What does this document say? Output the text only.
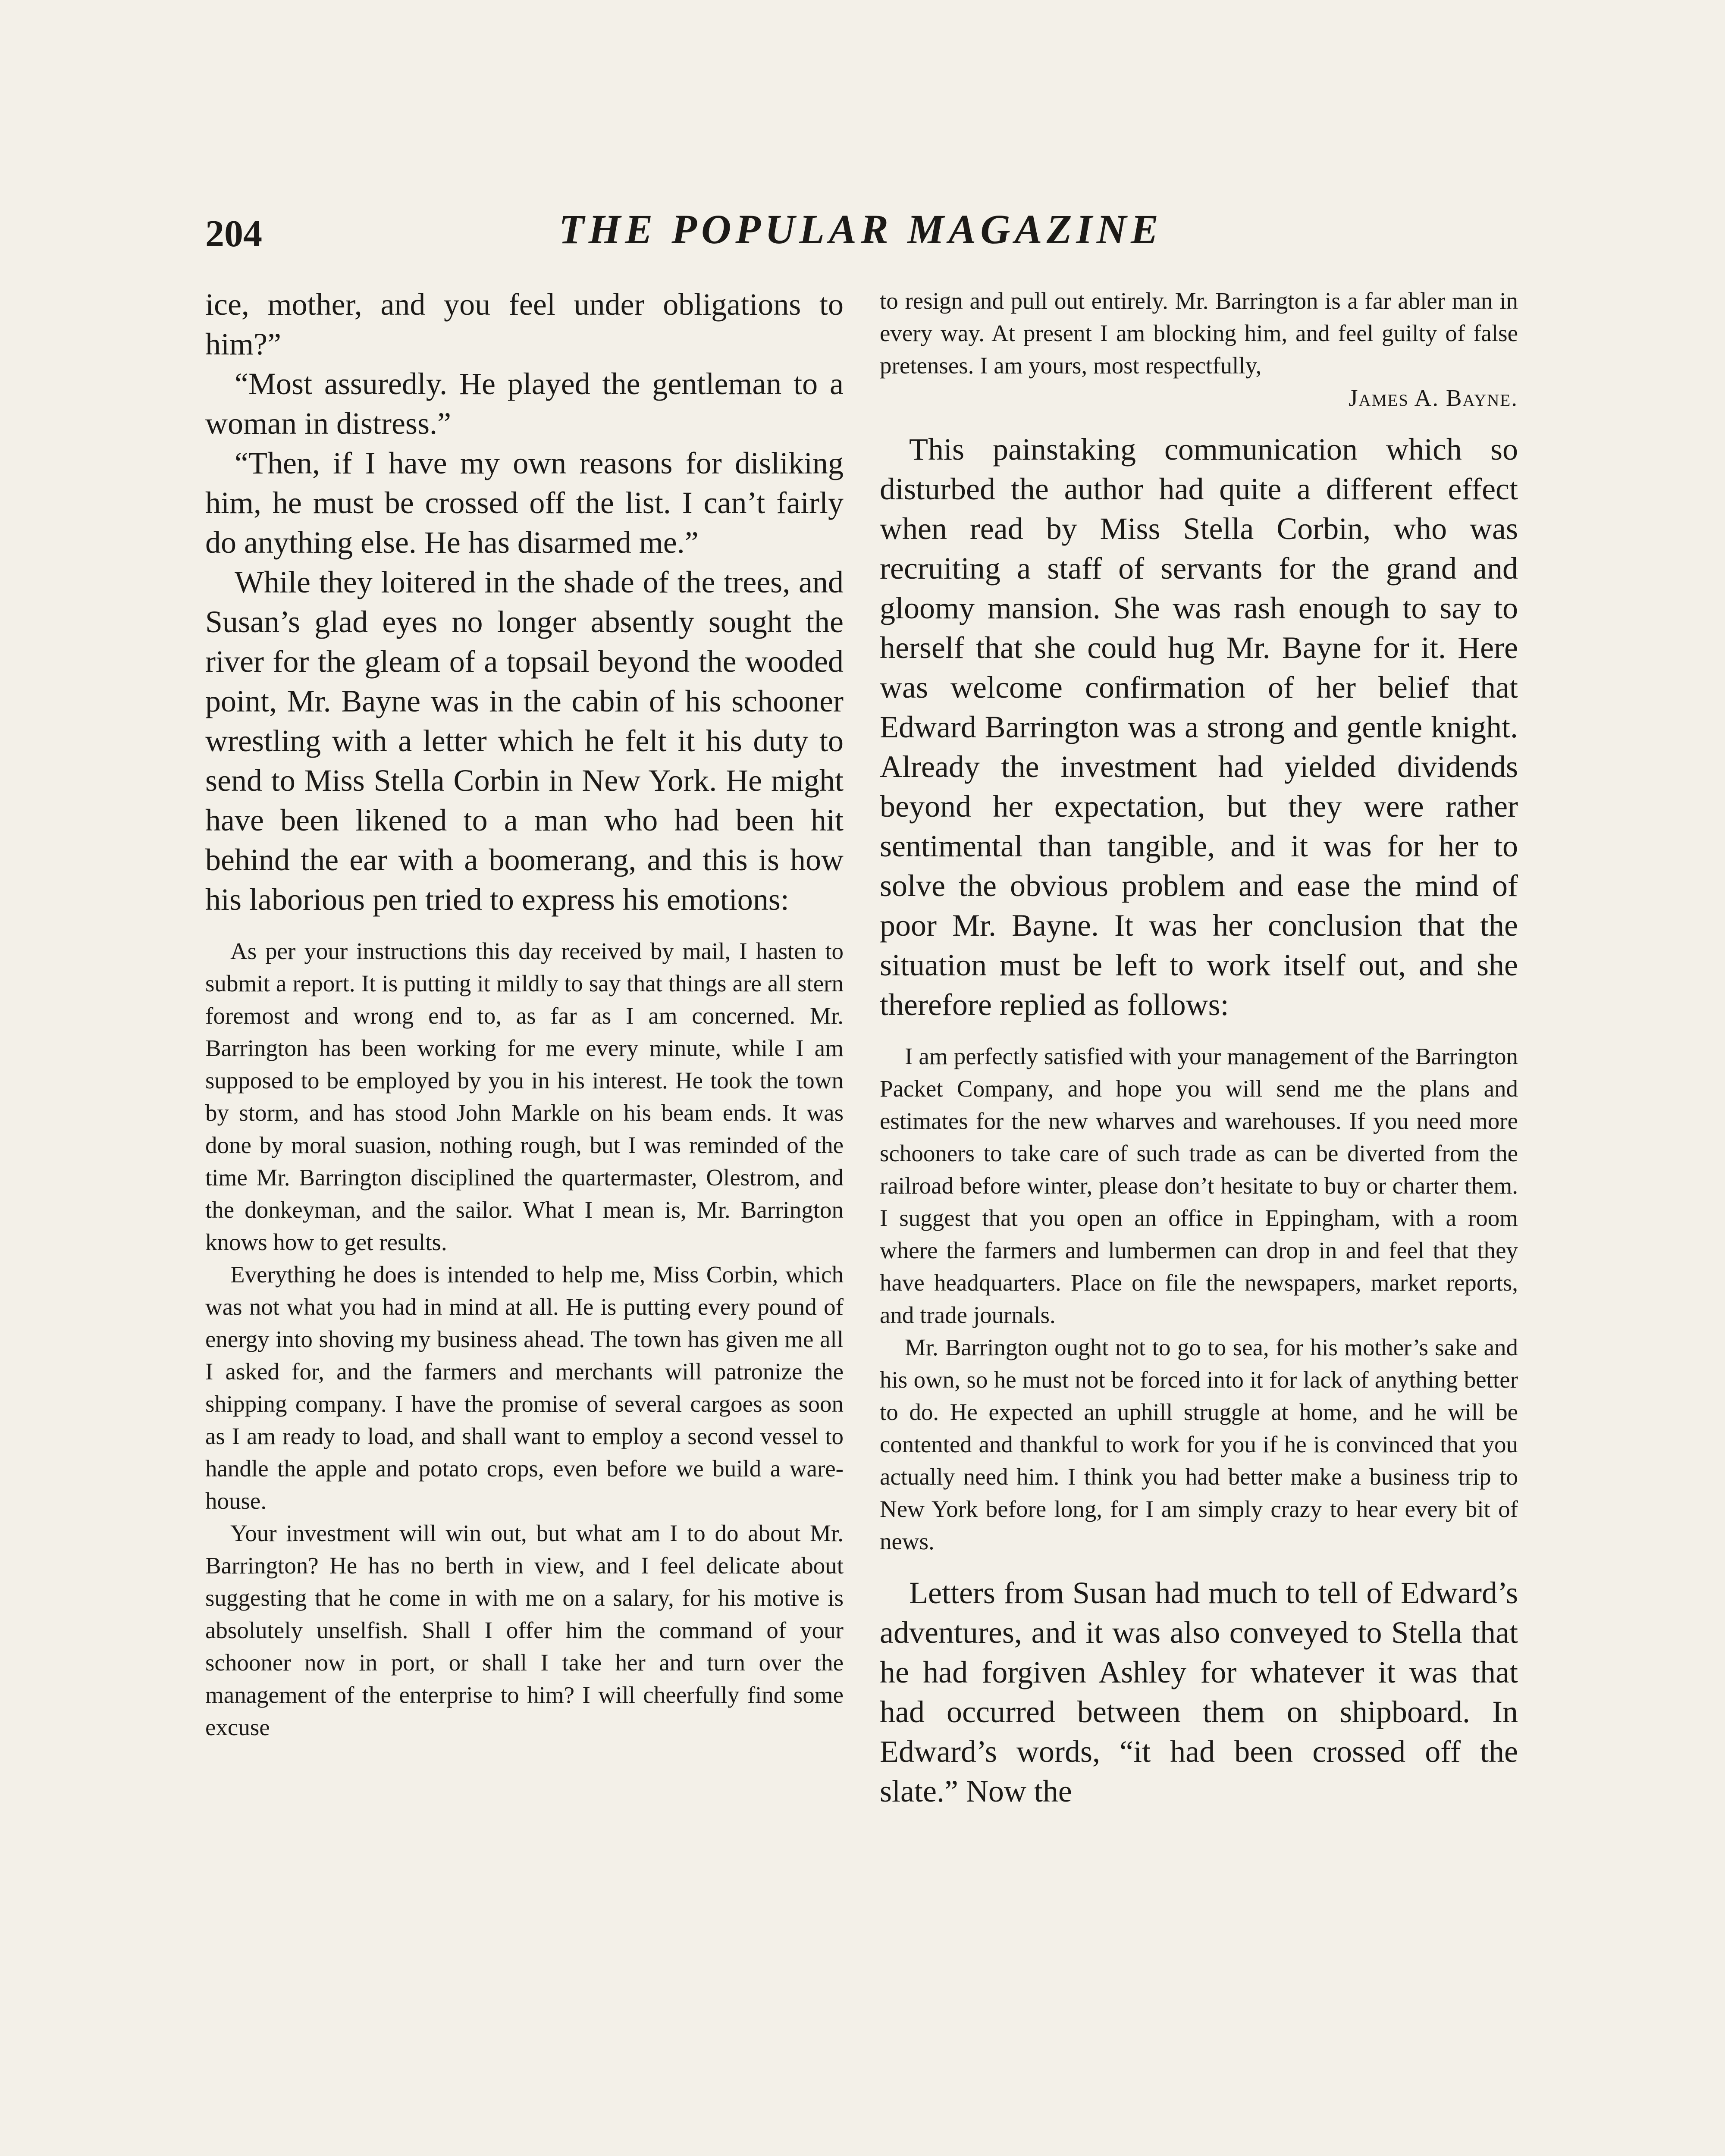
204	THE POPULAR MAGAZINE

ice, mother, and you feel under obligations to him?”

“Most assuredly. He played the gentleman to a woman in distress.”

“Then, if I have my own reasons for disliking him, he must be crossed off the list. I can’t fairly do anything else. He has disarmed me.”

While they loitered in the shade of the trees, and Susan’s glad eyes no longer absently sought the river for the gleam of a topsail beyond the wooded point, Mr. Bayne was in the cabin of his schooner wrestling with a letter which he felt it his duty to send to Miss Stella Corbin in New York. He might have been likened to a man who had been hit behind the ear with a boomerang, and this is how his laborious pen tried to express his emotions:

As per your instructions this day received by mail, I hasten to submit a report. It is putting it mildly to say that things are all stern foremost and wrong end to, as far as I am concerned. Mr. Barrington has been working for me every minute, while I am supposed to be employed by you in his interest. He took the town by storm, and has stood John Markle on his beam ends. It was done by moral suasion, nothing rough, but I was reminded of the time Mr. Barrington disciplined the quartermaster, Olestrom, and the donkeyman, and the sailor. What I mean is, Mr. Barrington knows how to get results.

Everything he does is intended to help me, Miss Corbin, which was not what you had in mind at all. He is putting every pound of energy into shoving my business ahead. The town has given me all I asked for, and the farmers and merchants will patronize the shipping company. I have the promise of several cargoes as soon as I am ready to load, and shall want to employ a second vessel to handle the apple and potato crops, even before we build a warehouse.

Your investment will win out, but what am I to do about Mr. Barrington? He has no berth in view, and I feel delicate about suggesting that he come in with me on a salary, for his motive is absolutely unselfish. Shall I offer him the command of your schooner now in port, or shall I take her and turn over the management of the enterprise to him? I will cheerfully find some excuse

to resign and pull out entirely. Mr. Barrington is a far abler man in every way. At present I am blocking him, and feel guilty of false pretenses. I am yours, most respectfully,

James A. Bayne.

This painstaking communication which so disturbed the author had quite a different effect when read by Miss Stella Corbin, who was recruiting a staff of servants for the grand and gloomy mansion. She was rash enough to say to herself that she could hug Mr. Bayne for it. Here was welcome confirmation of her belief that Edward Barrington was a strong and gentle knight. Already the investment had yielded dividends beyond her expectation, but they were rather sentimental than tangible, and it was for her to solve the obvious problem and ease the mind of poor Mr. Bayne. It was her conclusion that the situation must be left to work itself out, and she therefore replied as follows:

I am perfectly satisfied with your management of the Barrington Packet Company, and hope you will send me the plans and estimates for the new wharves and warehouses. If you need more schooners to take care of such trade as can be diverted from the railroad before winter, please don’t hesitate to buy or charter them. I suggest that you open an office in Eppingham, with a room where the farmers and lumbermen can drop in and feel that they have headquarters. Place on file the newspapers, market reports, and trade journals.

Mr. Barrington ought not to go to sea, for his mother’s sake and his own, so he must not be forced into it for lack of anything better to do. He expected an uphill struggle at home, and he will be contented and thankful to work for you if he is convinced that you actually need him. I think you had better make a business trip to New York before long, for I am simply crazy to hear every bit of news.

Letters from Susan had much to tell of Edward’s adventures, and it was also conveyed to Stella that he had forgiven Ashley for whatever it was that had occurred between them on shipboard. In Edward’s words, “it had been crossed off the slate.” Now the
